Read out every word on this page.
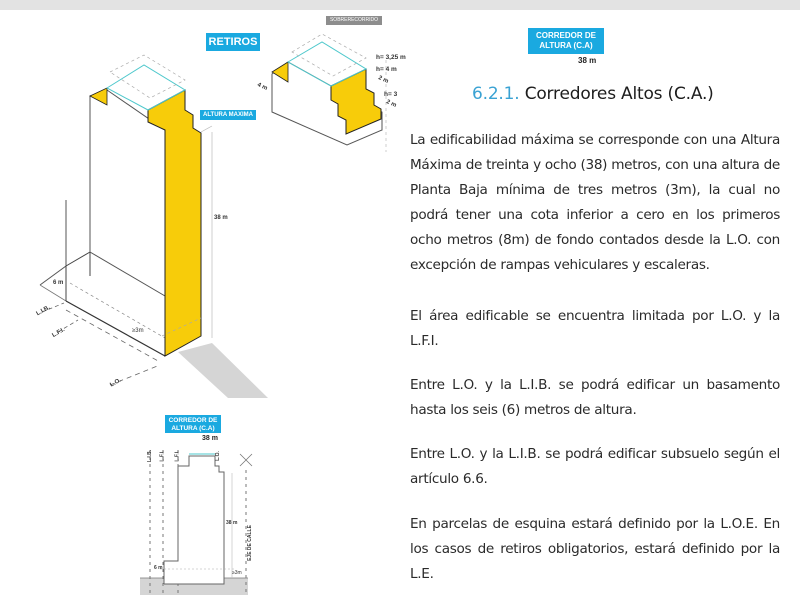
RETIROS
ALTURA MAXIMA
38 m
6 m
≥3m
L.I.B.
L.F.I.
L.O.
SOBRERECORRIDO
h= 3,25 m
h= 4 m
2 m
h= 3
2 m
4 m
CORREDOR DE ALTURA (C.A)
38 m
CORREDOR DE ALTURA (C.A)
38 m
L.I.B. L.F.I. L.F.I.	L.O.
38 m
6 m
≥3m
EJE DE CALLE
6.2.1. Corredores Altos (C.A.)
La edificabilidad máxima se corresponde con una Altura Máxima de treinta y ocho (38) metros, con una altura de Planta Baja mínima de tres metros (3m), la cual no podrá tener una cota inferior a cero en los primeros ocho metros (8m) de fondo contados desde la L.O. con excepción de rampas vehiculares y escaleras.
El área edificable se encuentra limitada por L.O. y la L.F.I.
Entre L.O. y la L.I.B. se podrá edificar un basamento hasta los seis (6) metros de altura.
Entre L.O. y la L.I.B. se podrá edificar subsuelo según el artículo 6.6.
En parcelas de esquina estará definido por la L.O.E. En los casos de retiros obligatorios, estará definido por la L.E.
